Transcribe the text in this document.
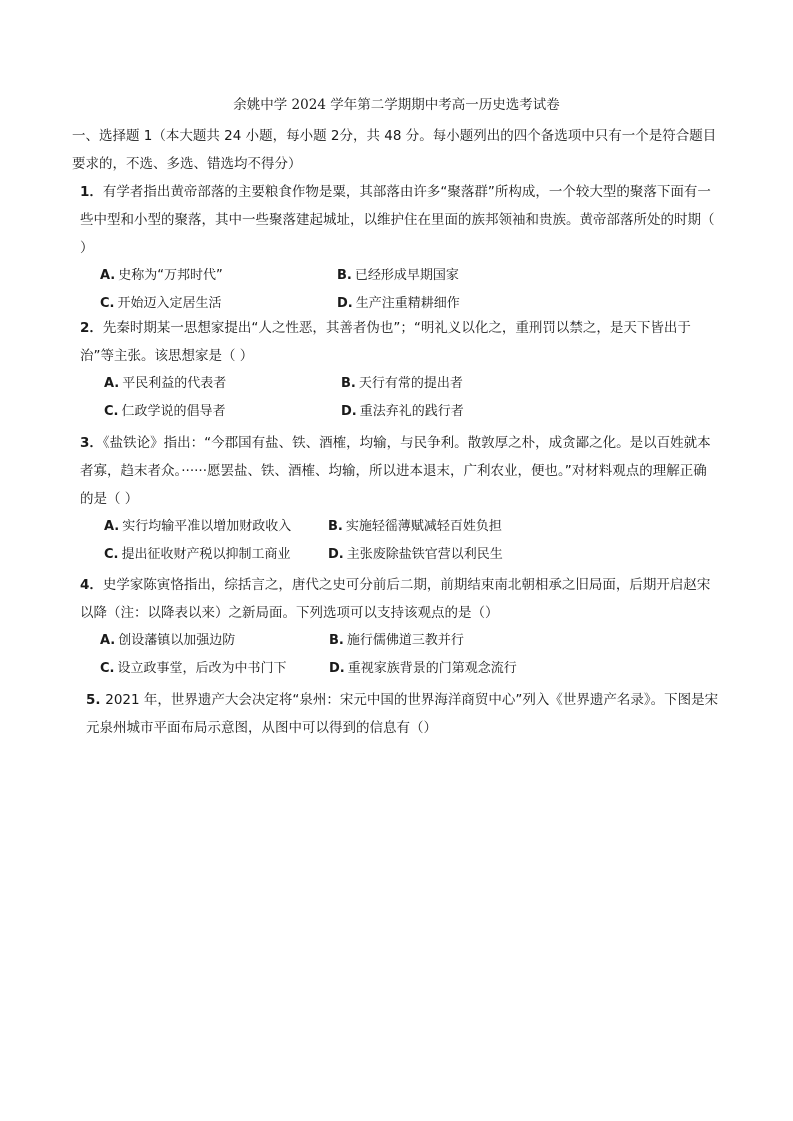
余姚中学 2024 学年第二学期期中考高一历史选考试卷
一、选择题 1（本大题共 24 小题，每小题 2分，共 48 分。每小题列出的四个备选项中只有一个是符合题目要求的，不选、多选、错选均不得分）
1．有学者指出黄帝部落的主要粮食作物是粟，其部落由许多“聚落群”所构成，一个较大型的聚落下面有一些中型和小型的聚落，其中一些聚落建起城址，以维护住在里面的族邦领袖和贵族。黄帝部落所处的时期（ ）
A. 史称为“万邦时代”	B. 已经形成早期国家
C. 开始迈入定居生活	D. 生产注重精耕细作
2．先秦时期某一思想家提出“人之性恶，其善者伪也”；“明礼义以化之，重刑罚以禁之，是天下皆出于治”等主张。该思想家是（ ）
A. 平民利益的代表者	B. 天行有常的提出者
C. 仁政学说的倡导者	D. 重法弃礼的践行者
3．《盐铁论》指出：“今郡国有盐、铁、酒榷，均输，与民争利。散敦厚之朴，成贪鄙之化。是以百姓就本者寡，趋末者众。······愿罢盐、铁、酒榷、均输，所以进本退末，广利农业，便也。”对材料观点的理解正确的是（ ）
A. 实行均输平准以增加财政收入	B. 实施轻徭薄赋减轻百姓负担
C. 提出征收财产税以抑制工商业	D. 主张废除盐铁官营以利民生
4．史学家陈寅恪指出，综括言之，唐代之史可分前后二期，前期结束南北朝相承之旧局面，后期开启赵宋以降（注：以降表以来）之新局面。下列选项可以支持该观点的是（）
A. 创设藩镇以加强边防	B. 施行儒佛道三教并行
C. 设立政事堂，后改为中书门下	D. 重视家族背景的门第观念流行
5. 2021 年，世界遗产大会决定将“泉州：宋元中国的世界海洋商贸中心”列入《世界遗产名录》。下图是宋元泉州城市平面布局示意图，从图中可以得到的信息有（）
